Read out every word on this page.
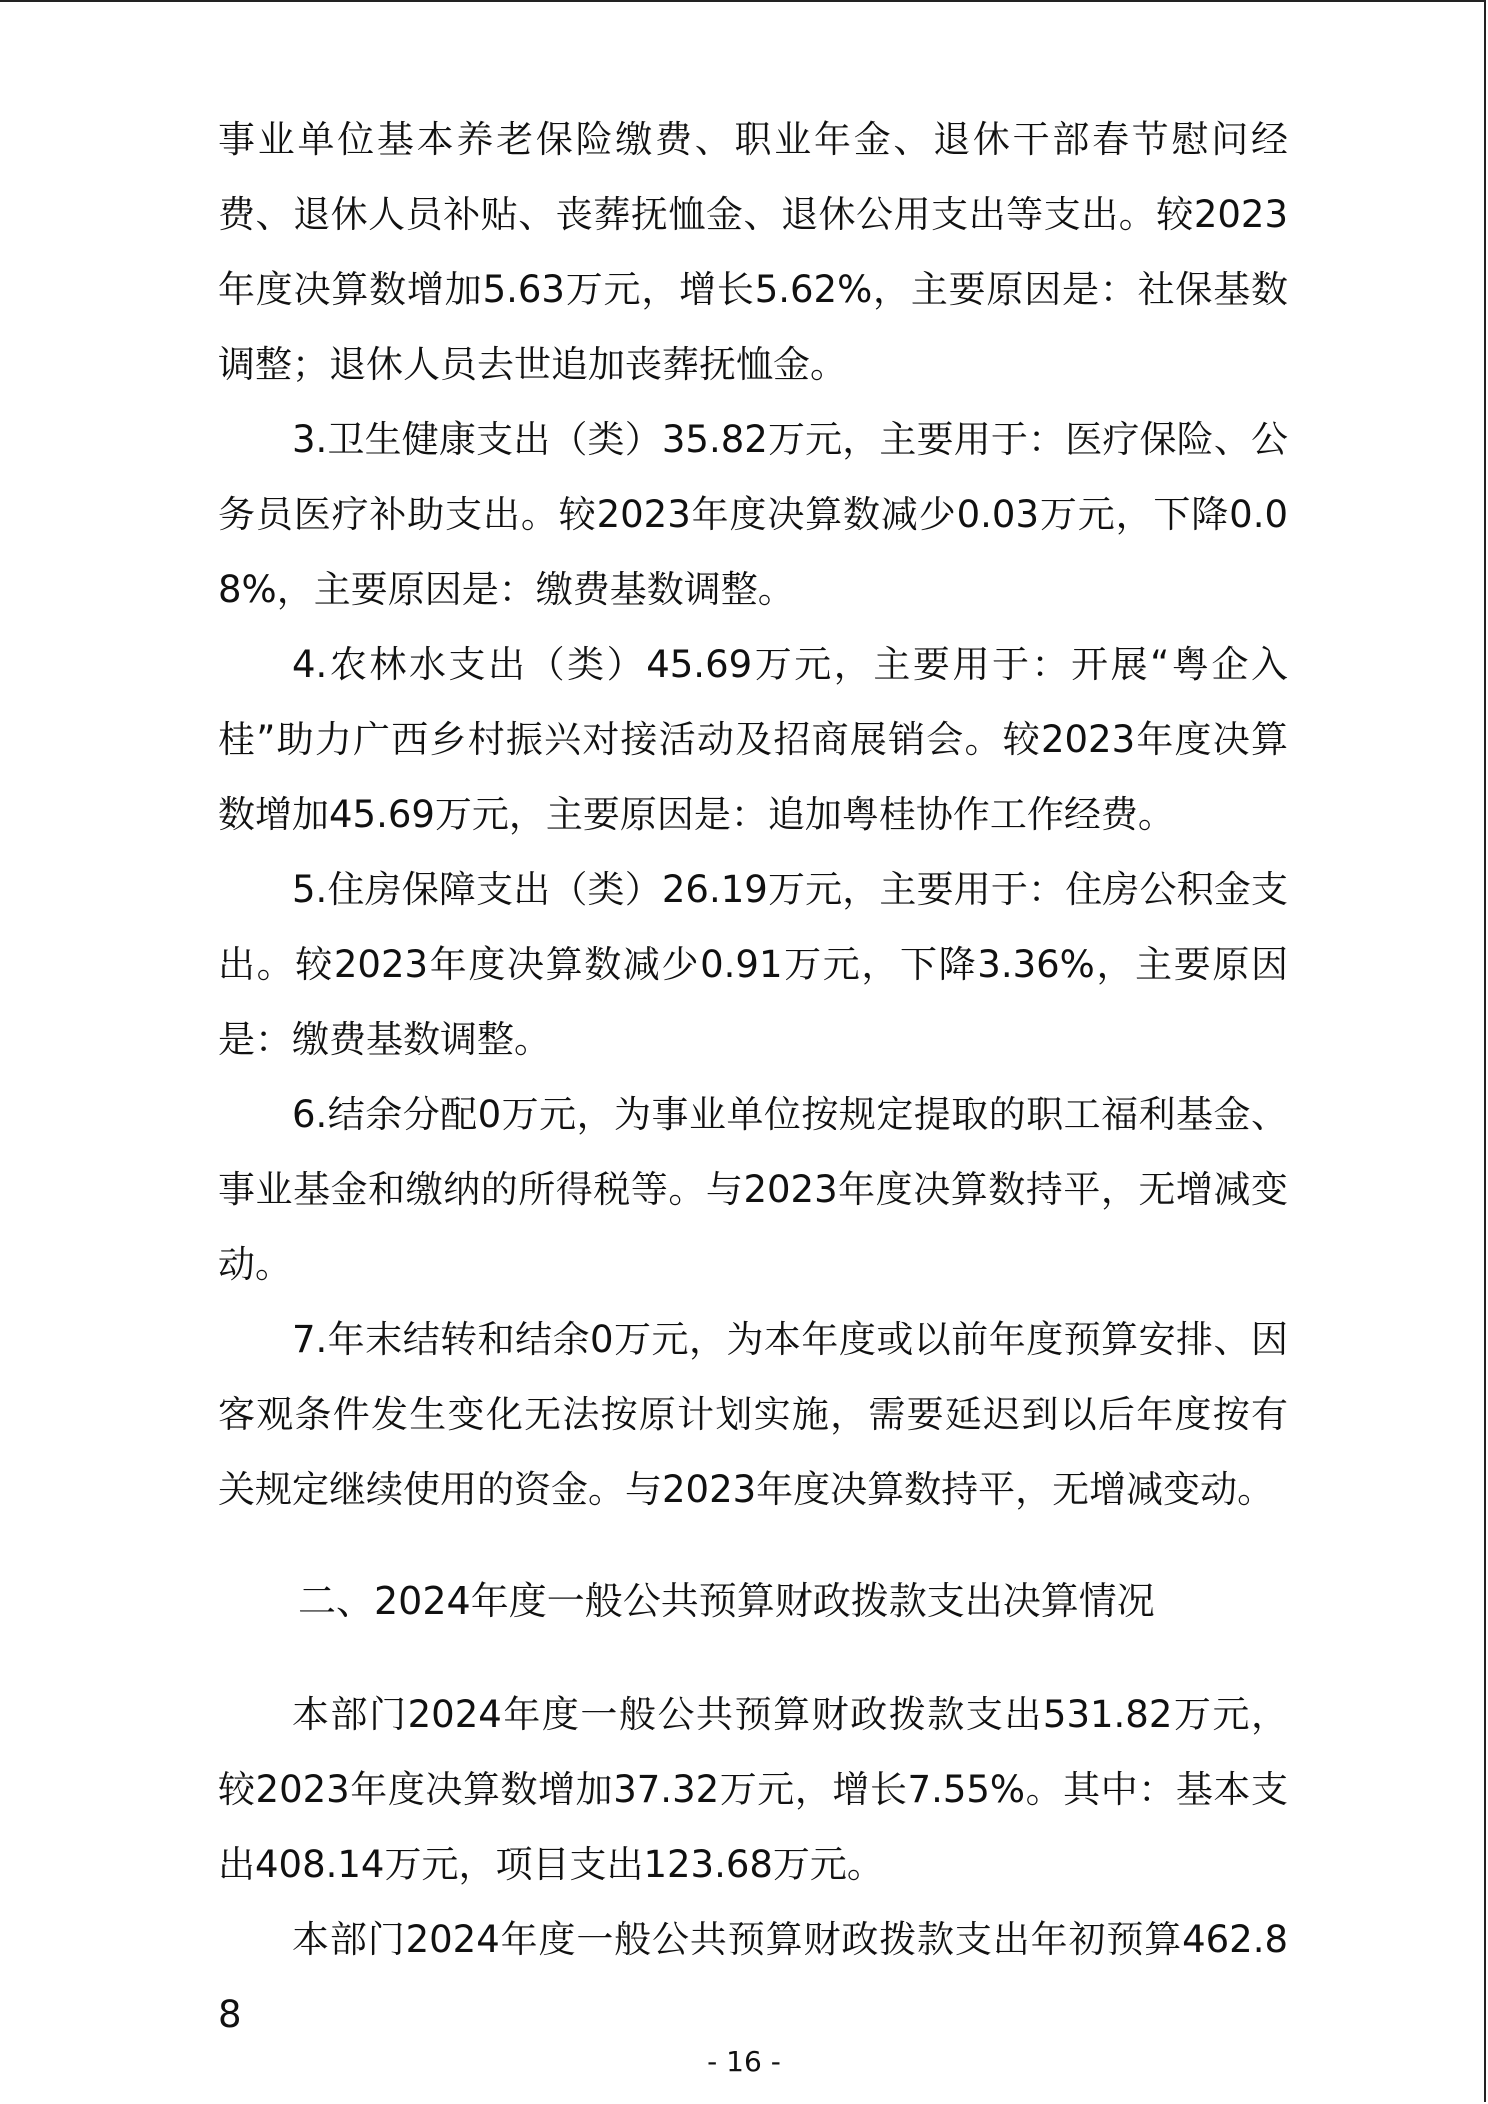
事业单位基本养老保险缴费、职业年金、退休干部春节慰问经费、退休人员补贴、丧葬抚恤金、退休公用支出等支出。较2023年度决算数增加5.63万元，增长5.62%，主要原因是：社保基数调整；退休人员去世追加丧葬抚恤金。

3.卫生健康支出（类）35.82万元，主要用于：医疗保险、公务员医疗补助支出。较2023年度决算数减少0.03万元，下降0.08%，主要原因是：缴费基数调整。

4.农林水支出（类）45.69万元，主要用于：开展“粤企入桂”助力广西乡村振兴对接活动及招商展销会。较2023年度决算数增加45.69万元，主要原因是：追加粤桂协作工作经费。

5.住房保障支出（类）26.19万元，主要用于：住房公积金支出。较2023年度决算数减少0.91万元，下降3.36%，主要原因是：缴费基数调整。

6.结余分配0万元，为事业单位按规定提取的职工福利基金、事业基金和缴纳的所得税等。与2023年度决算数持平，无增减变动。

7.年末结转和结余0万元，为本年度或以前年度预算安排、因客观条件发生变化无法按原计划实施，需要延迟到以后年度按有关规定继续使用的资金。与2023年度决算数持平，无增减变动。

二、2024年度一般公共预算财政拨款支出决算情况

本部门2024年度一般公共预算财政拨款支出531.82万元，较2023年度决算数增加37.32万元，增长7.55%。其中：基本支出408.14万元，项目支出123.68万元。

本部门2024年度一般公共预算财政拨款支出年初预算462.88

- 16 -
